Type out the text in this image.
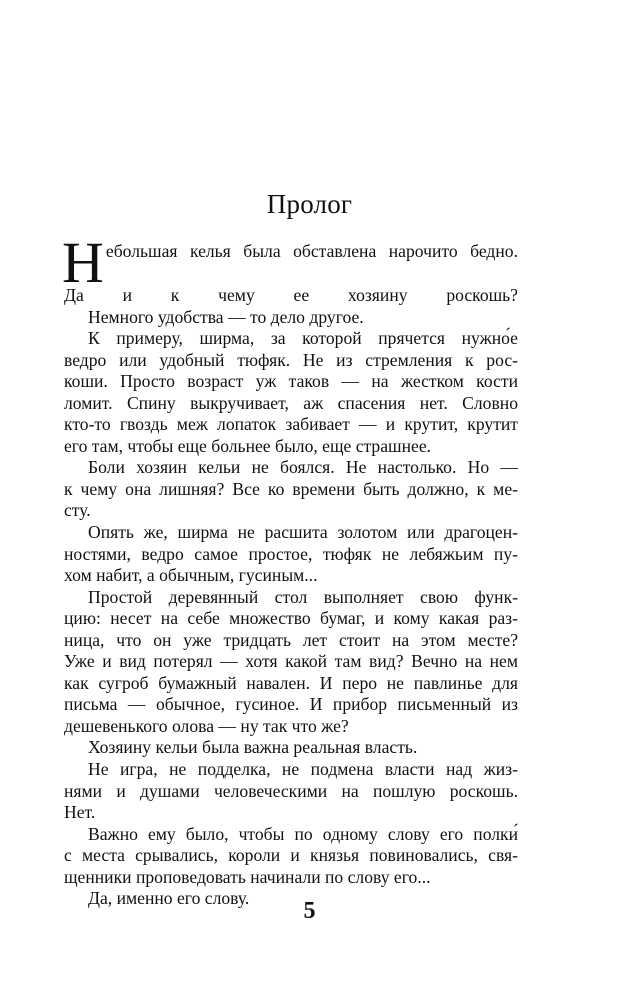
Пролог
Н ебольшая келья была обставлена нарочито бедно.
Да и к чему ее хозяину роскошь?
Немного удобства — то дело другое.
К примеру, ширма, за которой прячется нужно́е
ведро или удобный тюфяк. Не из стремления к рос-
коши. Просто возраст уж таков — на жестком кости
ломит. Спину выкручивает, аж спасения нет. Словно
кто-то гвоздь меж лопаток забивает — и крутит, крутит
его там, чтобы еще больнее было, еще страшнее.
Боли хозяин кельи не боялся. Не настолько. Но —
к чему она лишняя? Все ко времени быть должно, к ме-
сту.
Опять же, ширма не расшита золотом или драгоцен-
ностями, ведро самое простое, тюфяк не лебяжьим пу-
хом набит, а обычным, гусиным...
Простой деревянный стол выполняет свою функ-
цию: несет на себе множество бумаг, и кому какая раз-
ница, что он уже тридцать лет стоит на этом месте?
Уже и вид потерял — хотя какой там вид? Вечно на нем
как сугроб бумажный навален. И перо не павлинье для
письма — обычное, гусиное. И прибор письменный из
дешевенького олова — ну так что же?
Хозяину кельи была важна реальная власть.
Не игра, не подделка, не подмена власти над жиз-
нями и душами человеческими на пошлую роскошь.
Нет.
Важно ему было, чтобы по одному слову его полки́
с места срывались, короли и князья повиновались, свя-
щенники проповедовать начинали по слову его...
Да, именно его слову.	5
